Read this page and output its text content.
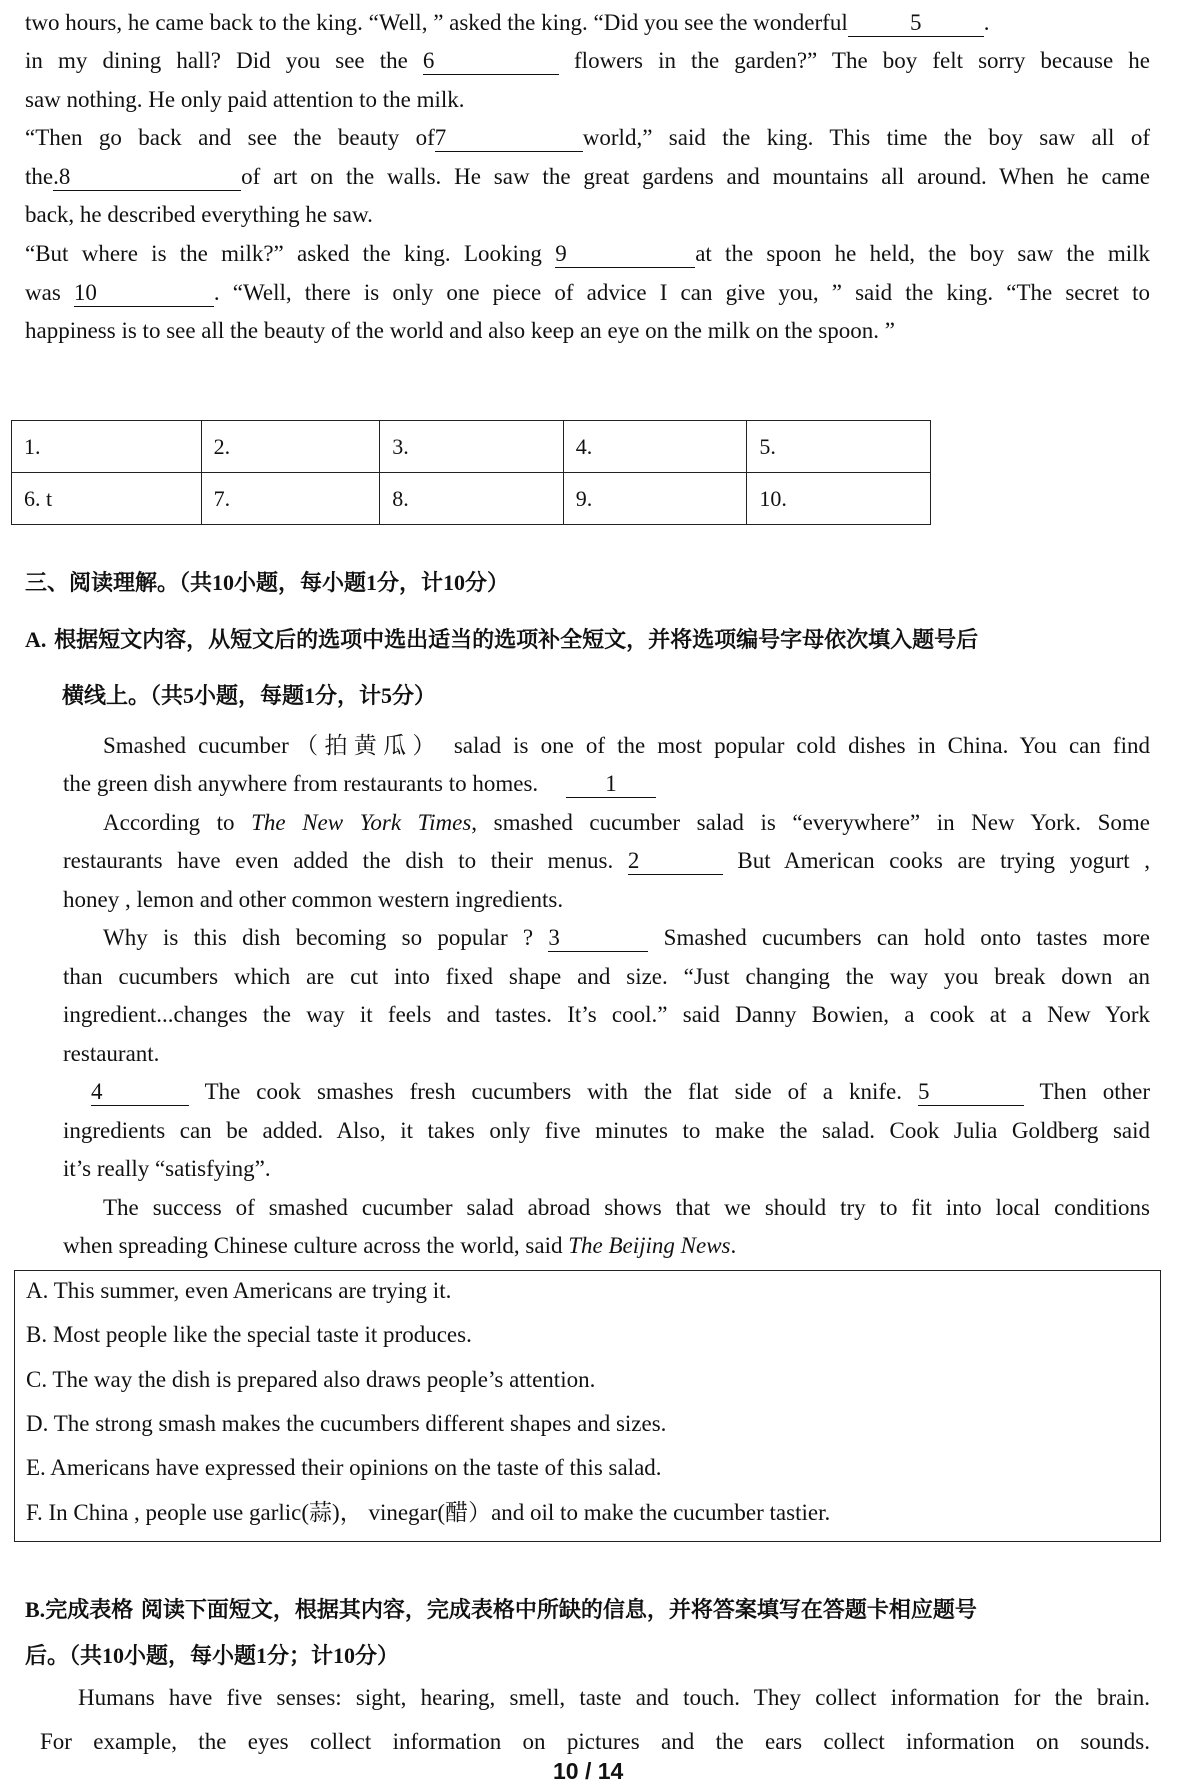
two hours, he came back to the king. “Well, ” asked the king. “Did you see the wonderful	5	.
in my dining hall? Did you see the 6	flowers in the garden?” The boy felt sorry because he
saw nothing. He only paid attention to the milk.
“Then go back and see the beauty of7	world,” said the king. This time the boy saw all of
the.8	of art on the walls. He saw the great gardens and mountains all around. When he came
back, he described everything he saw.
“But where is the milk?” asked the king. Looking 9	at the spoon he held, the boy saw the milk
was 10	. “Well, there is only one piece of advice I can give you, ” said the king. “The secret to
happiness is to see all the beauty of the world and also keep an eye on the milk on the spoon. ”
1.	2.	3.	4.	5.
6. t	7.	8.	9.	10.
三、阅读理解。（共10小题，每小题1分，计10分）
A. 根据短文内容，从短文后的选项中选出适当的选项补全短文，并将选项编号字母依次填入题号后
横线上。（共5小题，每题1分，计5分）
Smashed cucumber（拍黄瓜） salad is one of the most popular cold dishes in China. You can find
the green dish anywhere from restaurants to homes.	1
According to The New York Times, smashed cucumber salad is “everywhere” in New York. Some
restaurants have even added the dish to their menus. 2	But American cooks are trying yogurt ,
honey , lemon and other common western ingredients.
Why is this dish becoming so popular ? 3	Smashed cucumbers can hold onto tastes more
than cucumbers which are cut into fixed shape and size. “Just changing the way you break down an
ingredient...changes the way it feels and tastes. It’s cool.” said Danny Bowien, a cook at a New York
restaurant.
4	The cook smashes fresh cucumbers with the flat side of a knife. 5	Then other
ingredients can be added. Also, it takes only five minutes to make the salad. Cook Julia Goldberg said
it’s really “satisfying”.
The success of smashed cucumber salad abroad shows that we should try to fit into local conditions
when spreading Chinese culture across the world, said The Beijing News.
A. This summer, even Americans are trying it.
B. Most people like the special taste it produces.
C. The way the dish is prepared also draws people’s attention.
D. The strong smash makes the cucumbers different shapes and sizes.
E. Americans have expressed their opinions on the taste of this salad.
F. In China , people use garlic(蒜)， vinegar(醋）and oil to make the cucumber tastier.
B.完成表格 阅读下面短文，根据其内容，完成表格中所缺的信息，并将答案填写在答题卡相应题号
后。（共10小题，每小题1分；计10分）
Humans have five senses: sight, hearing, smell, taste and touch. They collect information for the brain.
For example, the eyes collect information on pictures and the ears collect information on sounds.
10 / 14
